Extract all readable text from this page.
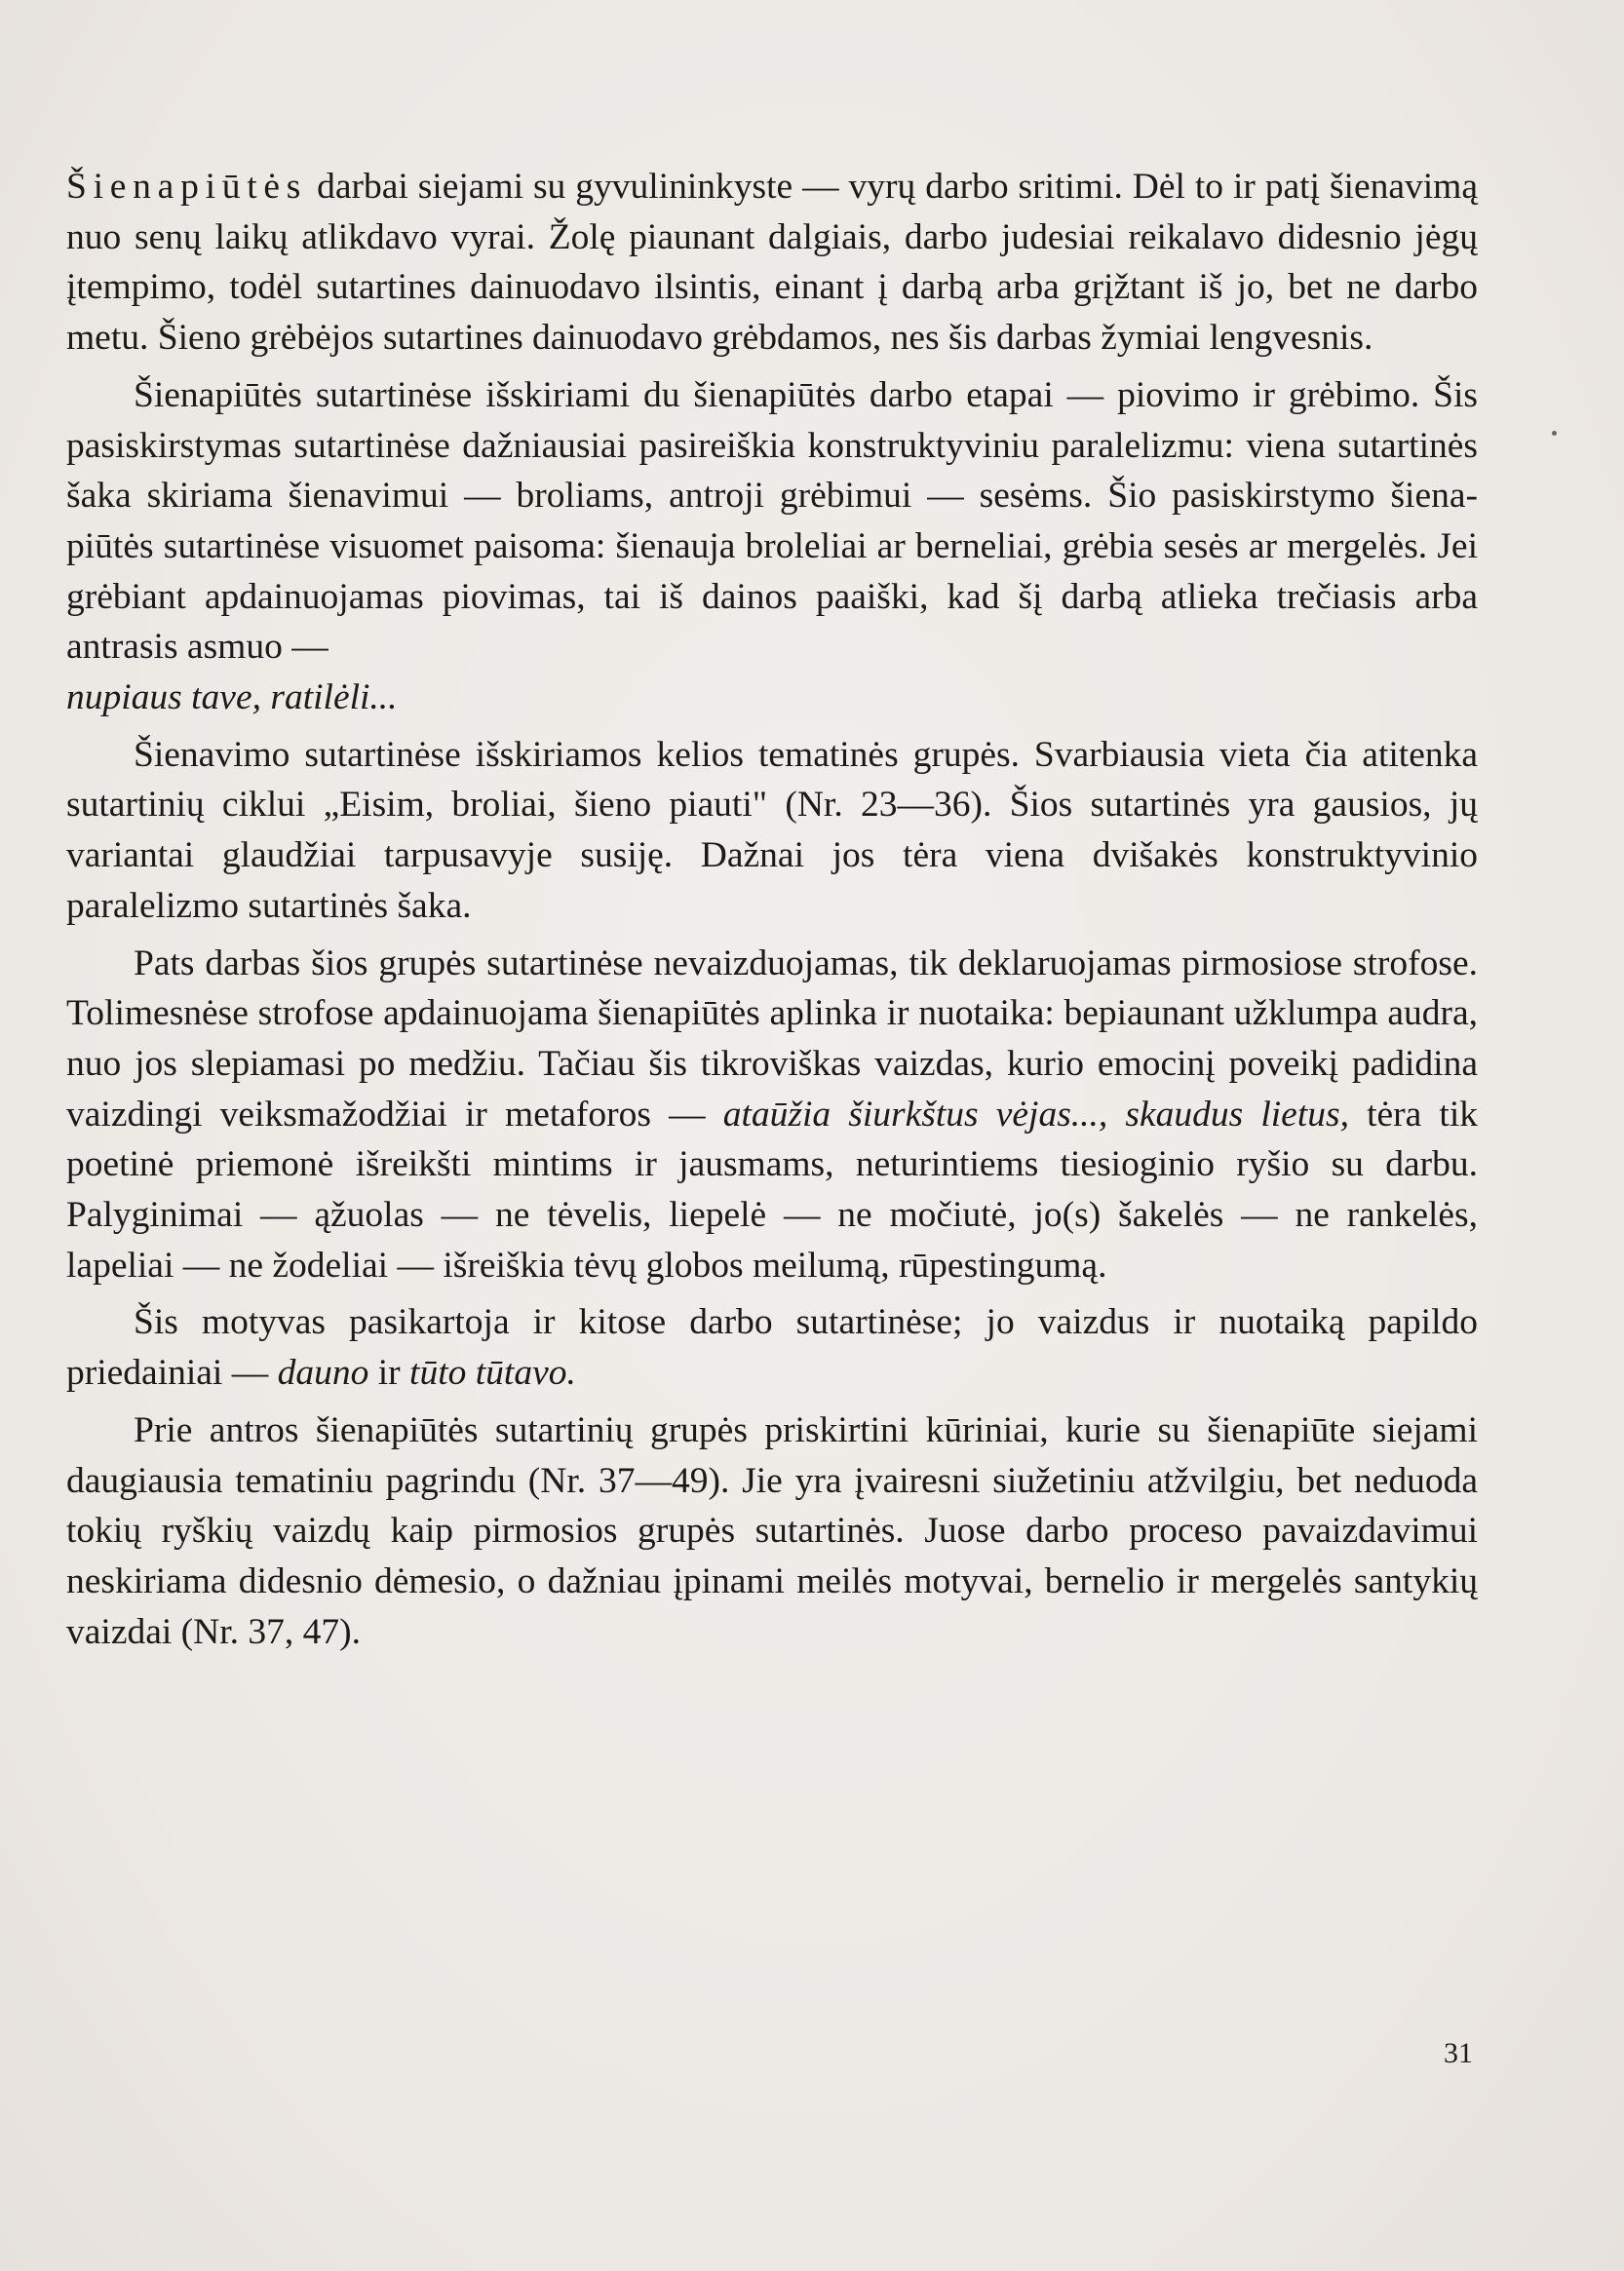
Šienapiūtės darbai siejami su gyvulininkyste — vyrų darbo sritimi. Dėl to ir patį šienavimą nuo senų laikų atlikdavo vyrai. Žolę piaunant dalgiais, darbo judesiai reikalavo didesnio jėgų įtempimo, todėl sutartines dainuodavo ilsintis, einant į darbą arba grįžtant iš jo, bet ne darbo metu. Šieno grėbėjos sutartines dainuodavo grėbdamos, nes šis darbas žymiai lengvesnis.

Šienapiūtės sutartinėse išskiriami du šienapiūtės darbo etapai — piovimo ir grėbimo. Šis pasiskirstymas sutartinėse dažniausiai pasireiškia konstruktyviniu paralelizmu: viena sutartinės šaka skiriama šienavimui — broliams, antroji grėbimui — sesėms. Šio pasiskirstymo šienapiūtės sutartinėse visuomet paisoma: šienauja broleliai ar berneliai, grėbia sesės ar mergelės. Jei grėbiant apdainuojamas piovimas, tai iš dainos paaiški, kad šį darbą atlieka trečiasis arba antrasis asmuo —
nupiaus tave, ratilėli...

Šienavimo sutartinėse išskiriamos kelios tematinės grupės. Svarbiausia vieta čia atitenka sutartinių ciklui „Eisim, broliai, šieno piauti" (Nr. 23—36). Šios sutartinės yra gausios, jų variantai glaudžiai tarpusavyje susiję. Dažnai jos tėra viena dvišakės konstruktyvinio paralelizmo sutartinės šaka.

Pats darbas šios grupės sutartinėse nevaizduojamas, tik deklaruojamas pirmosiose strofose. Tolimesnėse strofose apdainuojama šienapiūtės aplinka ir nuotaika: bepiaunant užklumpa audra, nuo jos slepiamasi po medžiu. Tačiau šis tikroviškas vaizdas, kurio emocinį poveikį padidina vaizdingi veiksmažodžiai ir metaforos — ataūžia šiurkštus vėjas..., skaudus lietus, tėra tik poetinė priemonė išreikšti mintims ir jausmams, neturintiems tiesioginio ryšio su darbu. Palyginimai — ąžuolas — ne tėvelis, liepelė — ne močiutė, jo(s) šakelės — ne rankelės, lapeliai — ne žodeliai — išreiškia tėvų globos meilumą, rūpestingumą.

Šis motyvas pasikartoja ir kitose darbo sutartinėse; jo vaizdus ir nuotaiką papildo priedainiai — dauno ir tūto tūtavo.

Prie antros šienapiūtės sutartinių grupės priskirtini kūriniai, kurie su šienapiūte siejami daugiausia tematiniu pagrindu (Nr. 37—49). Jie yra įvairesni siužetiniu atžvilgiu, bet neduoda tokių ryškių vaizdų kaip pirmosios grupės sutartinės. Juose darbo proceso pavaizdavimui neskiriama didesnio dėmesio, o dažniau įpinami meilės motyvai, bernelio ir mergelės santykių vaizdai (Nr. 37, 47).

31
